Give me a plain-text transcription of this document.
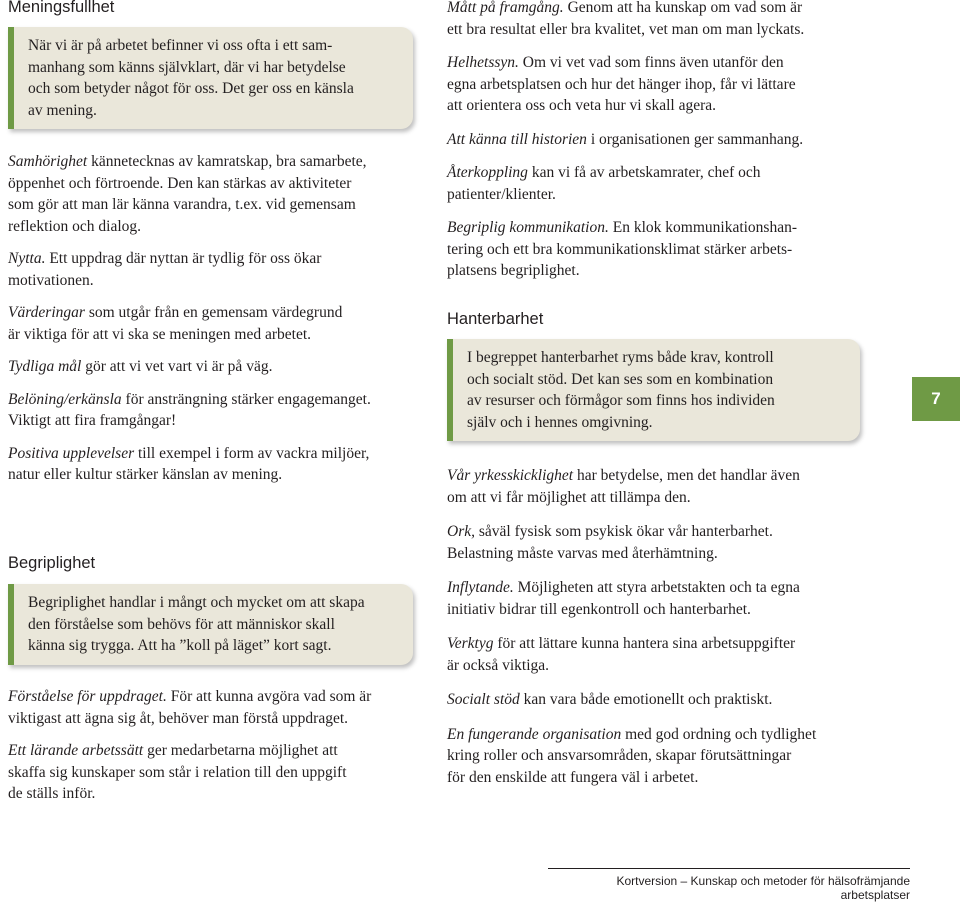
Meningsfullhet
När vi är på arbetet befinner vi oss ofta i ett sam-
manhang som känns självklart, där vi har betydelse
och som betyder något för oss. Det ger oss en känsla
av mening.

Samhörighet kännetecknas av kamratskap, bra samarbete,
öppenhet och förtroende. Den kan stärkas av aktiviteter
som gör att man lär känna varandra, t.ex. vid gemensam
reflektion och dialog.

Nytta. Ett uppdrag där nyttan är tydlig för oss ökar
motivationen.

Värderingar som utgår från en gemensam värdegrund
är viktiga för att vi ska se meningen med arbetet.

Tydliga mål gör att vi vet vart vi är på väg.

Belöning/erkänsla för ansträngning stärker engagemanget.
Viktigt att fira framgångar!

Positiva upplevelser till exempel i form av vackra miljöer,
natur eller kultur stärker känslan av mening.

Begriplighet
Begriplighet handlar i mångt och mycket om att skapa
den förståelse som behövs för att människor skall
känna sig trygga. Att ha ”koll på läget” kort sagt.

Förståelse för uppdraget. För att kunna avgöra vad som är
viktigast att ägna sig åt, behöver man förstå uppdraget.

Ett lärande arbetssätt ger medarbetarna möjlighet att
skaffa sig kunskaper som står i relation till den uppgift
de ställs inför.

Mått på framgång. Genom att ha kunskap om vad som är
ett bra resultat eller bra kvalitet, vet man om man lyckats.

Helhetssyn. Om vi vet vad som finns även utanför den
egna arbetsplatsen och hur det hänger ihop, får vi lättare
att orientera oss och veta hur vi skall agera.

Att känna till historien i organisationen ger sammanhang.

Återkoppling kan vi få av arbetskamrater, chef och
patienter/klienter.

Begriplig kommunikation. En klok kommunikationshan-
tering och ett bra kommunikationsklimat stärker arbets-
platsens begriplighet.

Hanterbarhet
I begreppet hanterbarhet ryms både krav, kontroll
och socialt stöd. Det kan ses som en kombination
av resurser och förmågor som finns hos individen
själv och i hennes omgivning.

Vår yrkesskicklighet har betydelse, men det handlar även
om att vi får möjlighet att tillämpa den.

Ork, såväl fysisk som psykisk ökar vår hanterbarhet.
Belastning måste varvas med återhämtning.

Inflytande. Möjligheten att styra arbetstakten och ta egna
initiativ bidrar till egenkontroll och hanterbarhet.

Verktyg för att lättare kunna hantera sina arbetsuppgifter
är också viktiga.

Socialt stöd kan vara både emotionellt och praktiskt.

En fungerande organisation med god ordning och tydlighet
kring roller och ansvarsområden, skapar förutsättningar
för den enskilde att fungera väl i arbetet.

7
Kortversion – Kunskap och metoder för hälsofrämjande arbetsplatser
